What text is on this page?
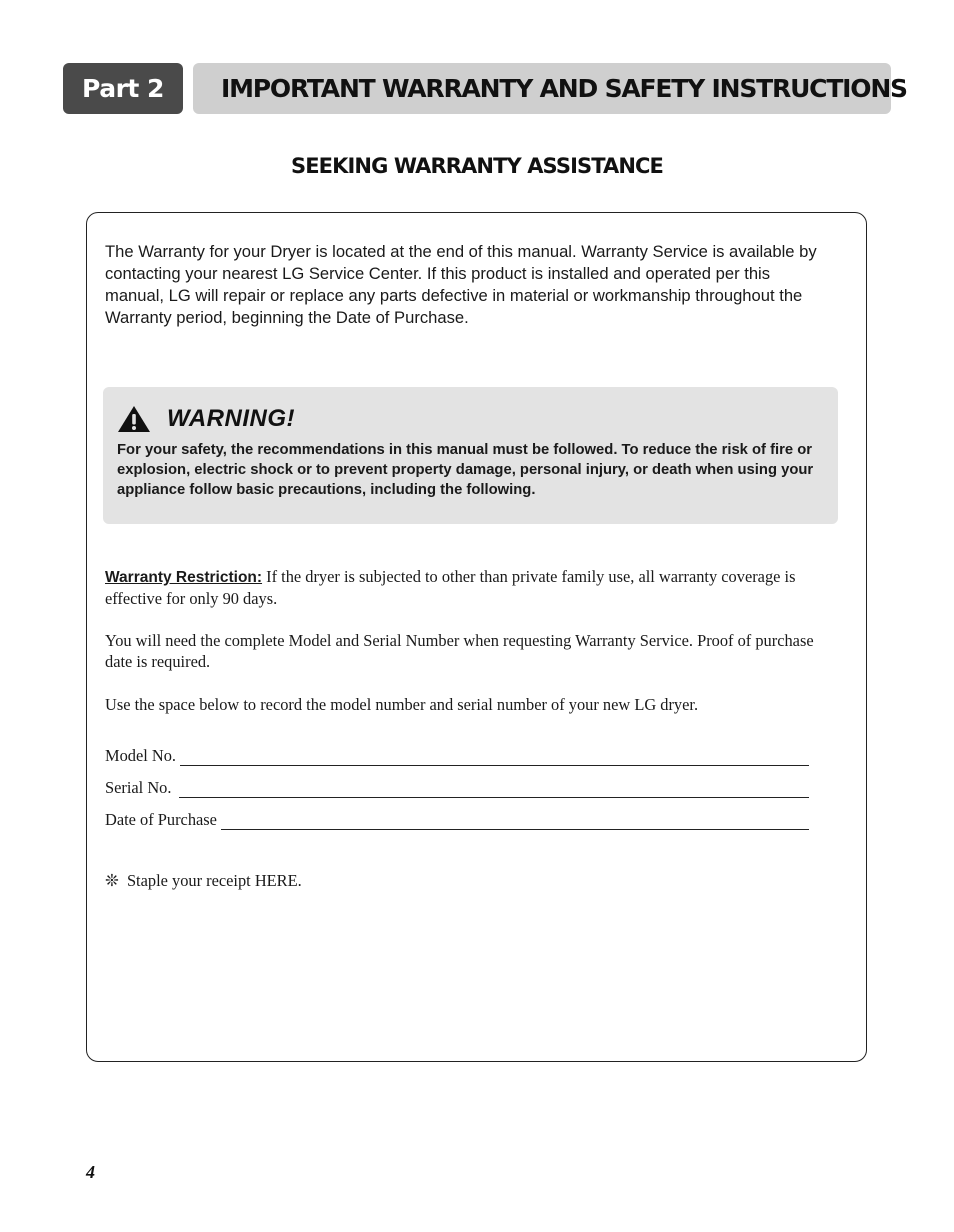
Part 2 IMPORTANT WARRANTY AND SAFETY INSTRUCTIONS
SEEKING WARRANTY ASSISTANCE

The Warranty for your Dryer is located at the end of this manual. Warranty Service is available by contacting your nearest LG Service Center. If this product is installed and operated per this manual, LG will repair or replace any parts defective in material or workmanship throughout the Warranty period, beginning the Date of Purchase.

WARNING!

For your safety, the recommendations in this manual must be followed. To reduce the risk of fire or explosion, electric shock or to prevent property damage, personal injury, or death when using your appliance follow basic precautions, including the following.

Warranty Restriction: If the dryer is subjected to other than private family use, all warranty coverage is effective for only 90 days.

You will need the complete Model and Serial Number when requesting Warranty Service. Proof of purchase date is required.

Use the space below to record the model number and serial number of your new LG dryer.

Model No.
Serial No.
Date of Purchase

❊ Staple your receipt HERE.

4
